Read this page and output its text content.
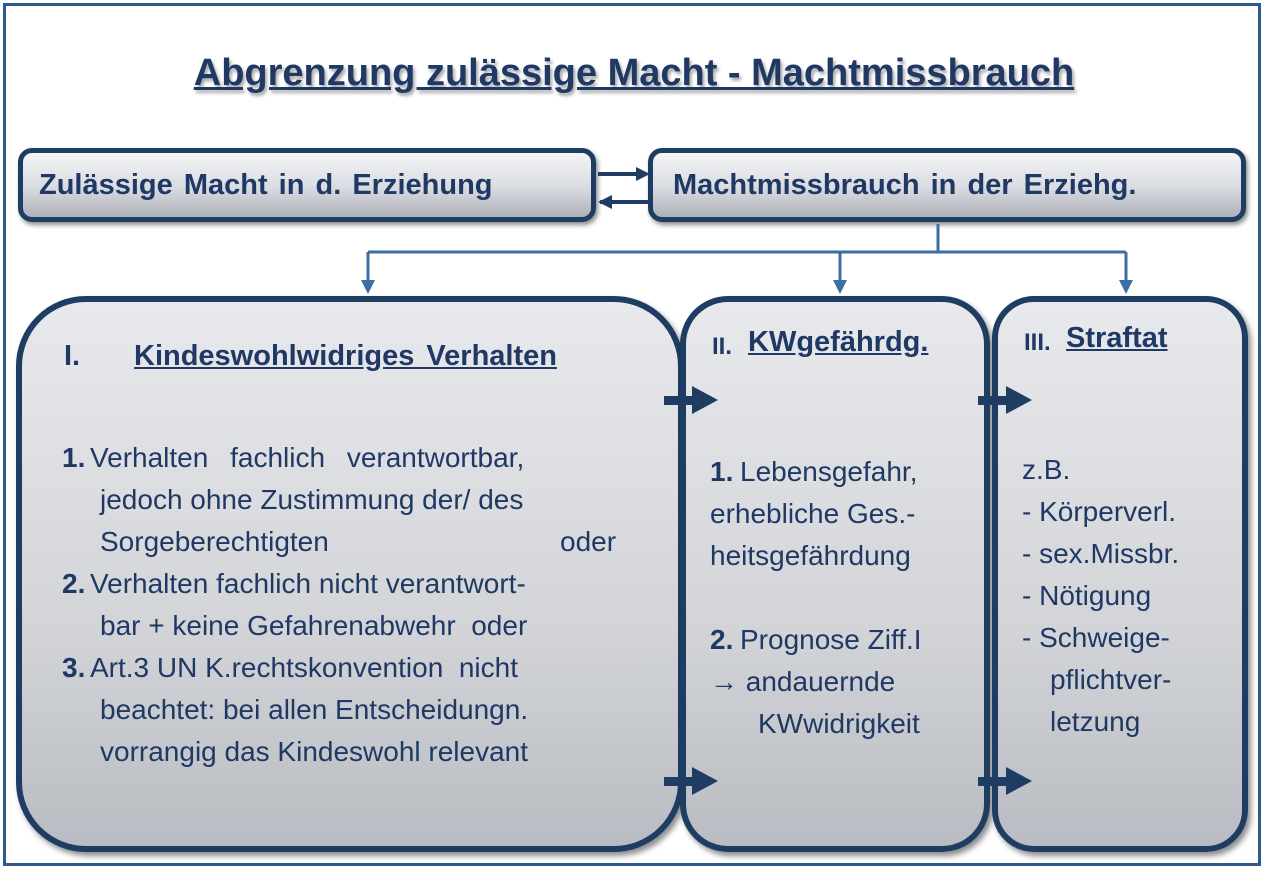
Abgrenzung zulässige Macht - Machtmissbrauch
Zulässige Macht in d. Erziehung	Machtmissbrauch in der Erziehg.
I. Kindeswohlwidriges Verhalten
1. Verhalten fachlich verantwortbar,
jedoch ohne Zustimmung der/ des
Sorgeberechtigten	oder
2. Verhalten fachlich nicht verantwort-
bar + keine Gefahrenabwehr  oder
3. Art.3 UN K.rechtskonvention  nicht
beachtet: bei allen Entscheidungn.
vorrangig das Kindeswohl relevant
II. KWgefährdg.
1. Lebensgefahr,
erhebliche Ges.-
heitsgefährdung
2. Prognose Ziff.I
→ andauernde
KWwidrigkeit
III. Straftat
z.B.
- Körperverl.
- sex.Missbr.
- Nötigung
- Schweige-
pflichtver-
letzung
